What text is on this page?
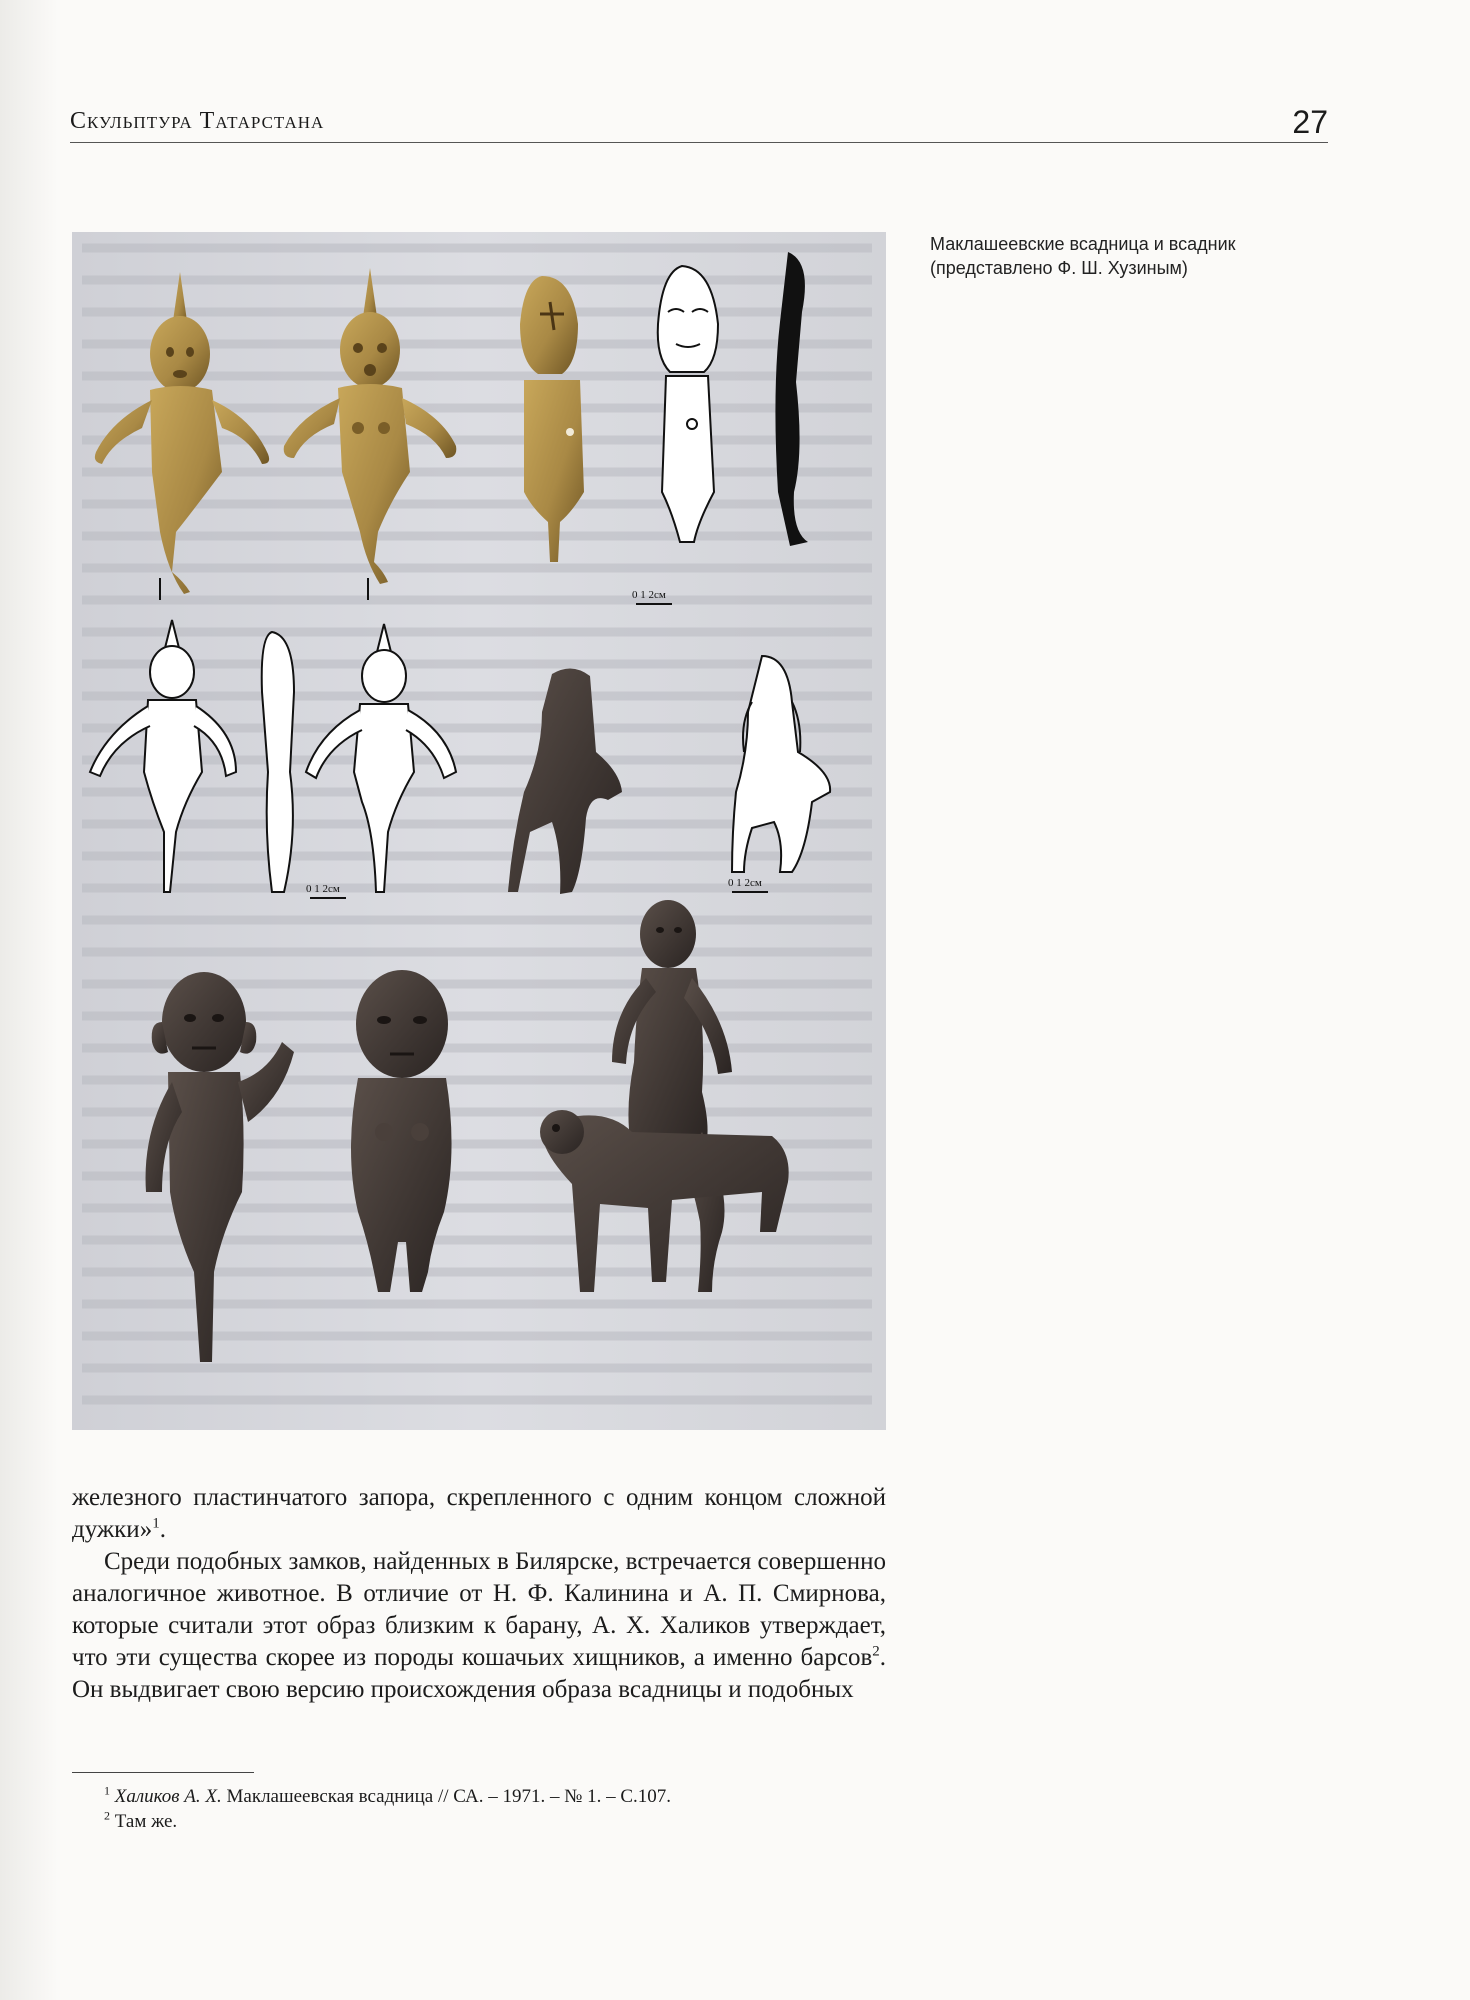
Скульптура Татарстана	27
0 1 2см
0 1 2см	0 1 2см
Маклашеевские всадница и всадник
(представлено Ф. Ш. Хузиным)

железного пластинчатого запора, скрепленного с одним концом сложной дужки»$^1$.

Среди подобных замков, найденных в Билярске, встречается совершенно аналогичное животное. В отличие от Н. Ф. Калинина и А. П. Смирнова, которые считали этот образ близким к барану, А. Х. Халиков утверждает, что эти существа скорее из породы кошачьих хищников, а именно барсов$^2$. Он выдвигает свою версию происхождения образа всадницы и подобных

$^1$ Халиков А. Х. Маклашеевская всадница // СА. – 1971. – № 1. – С.107.

$^2$ Там же.
